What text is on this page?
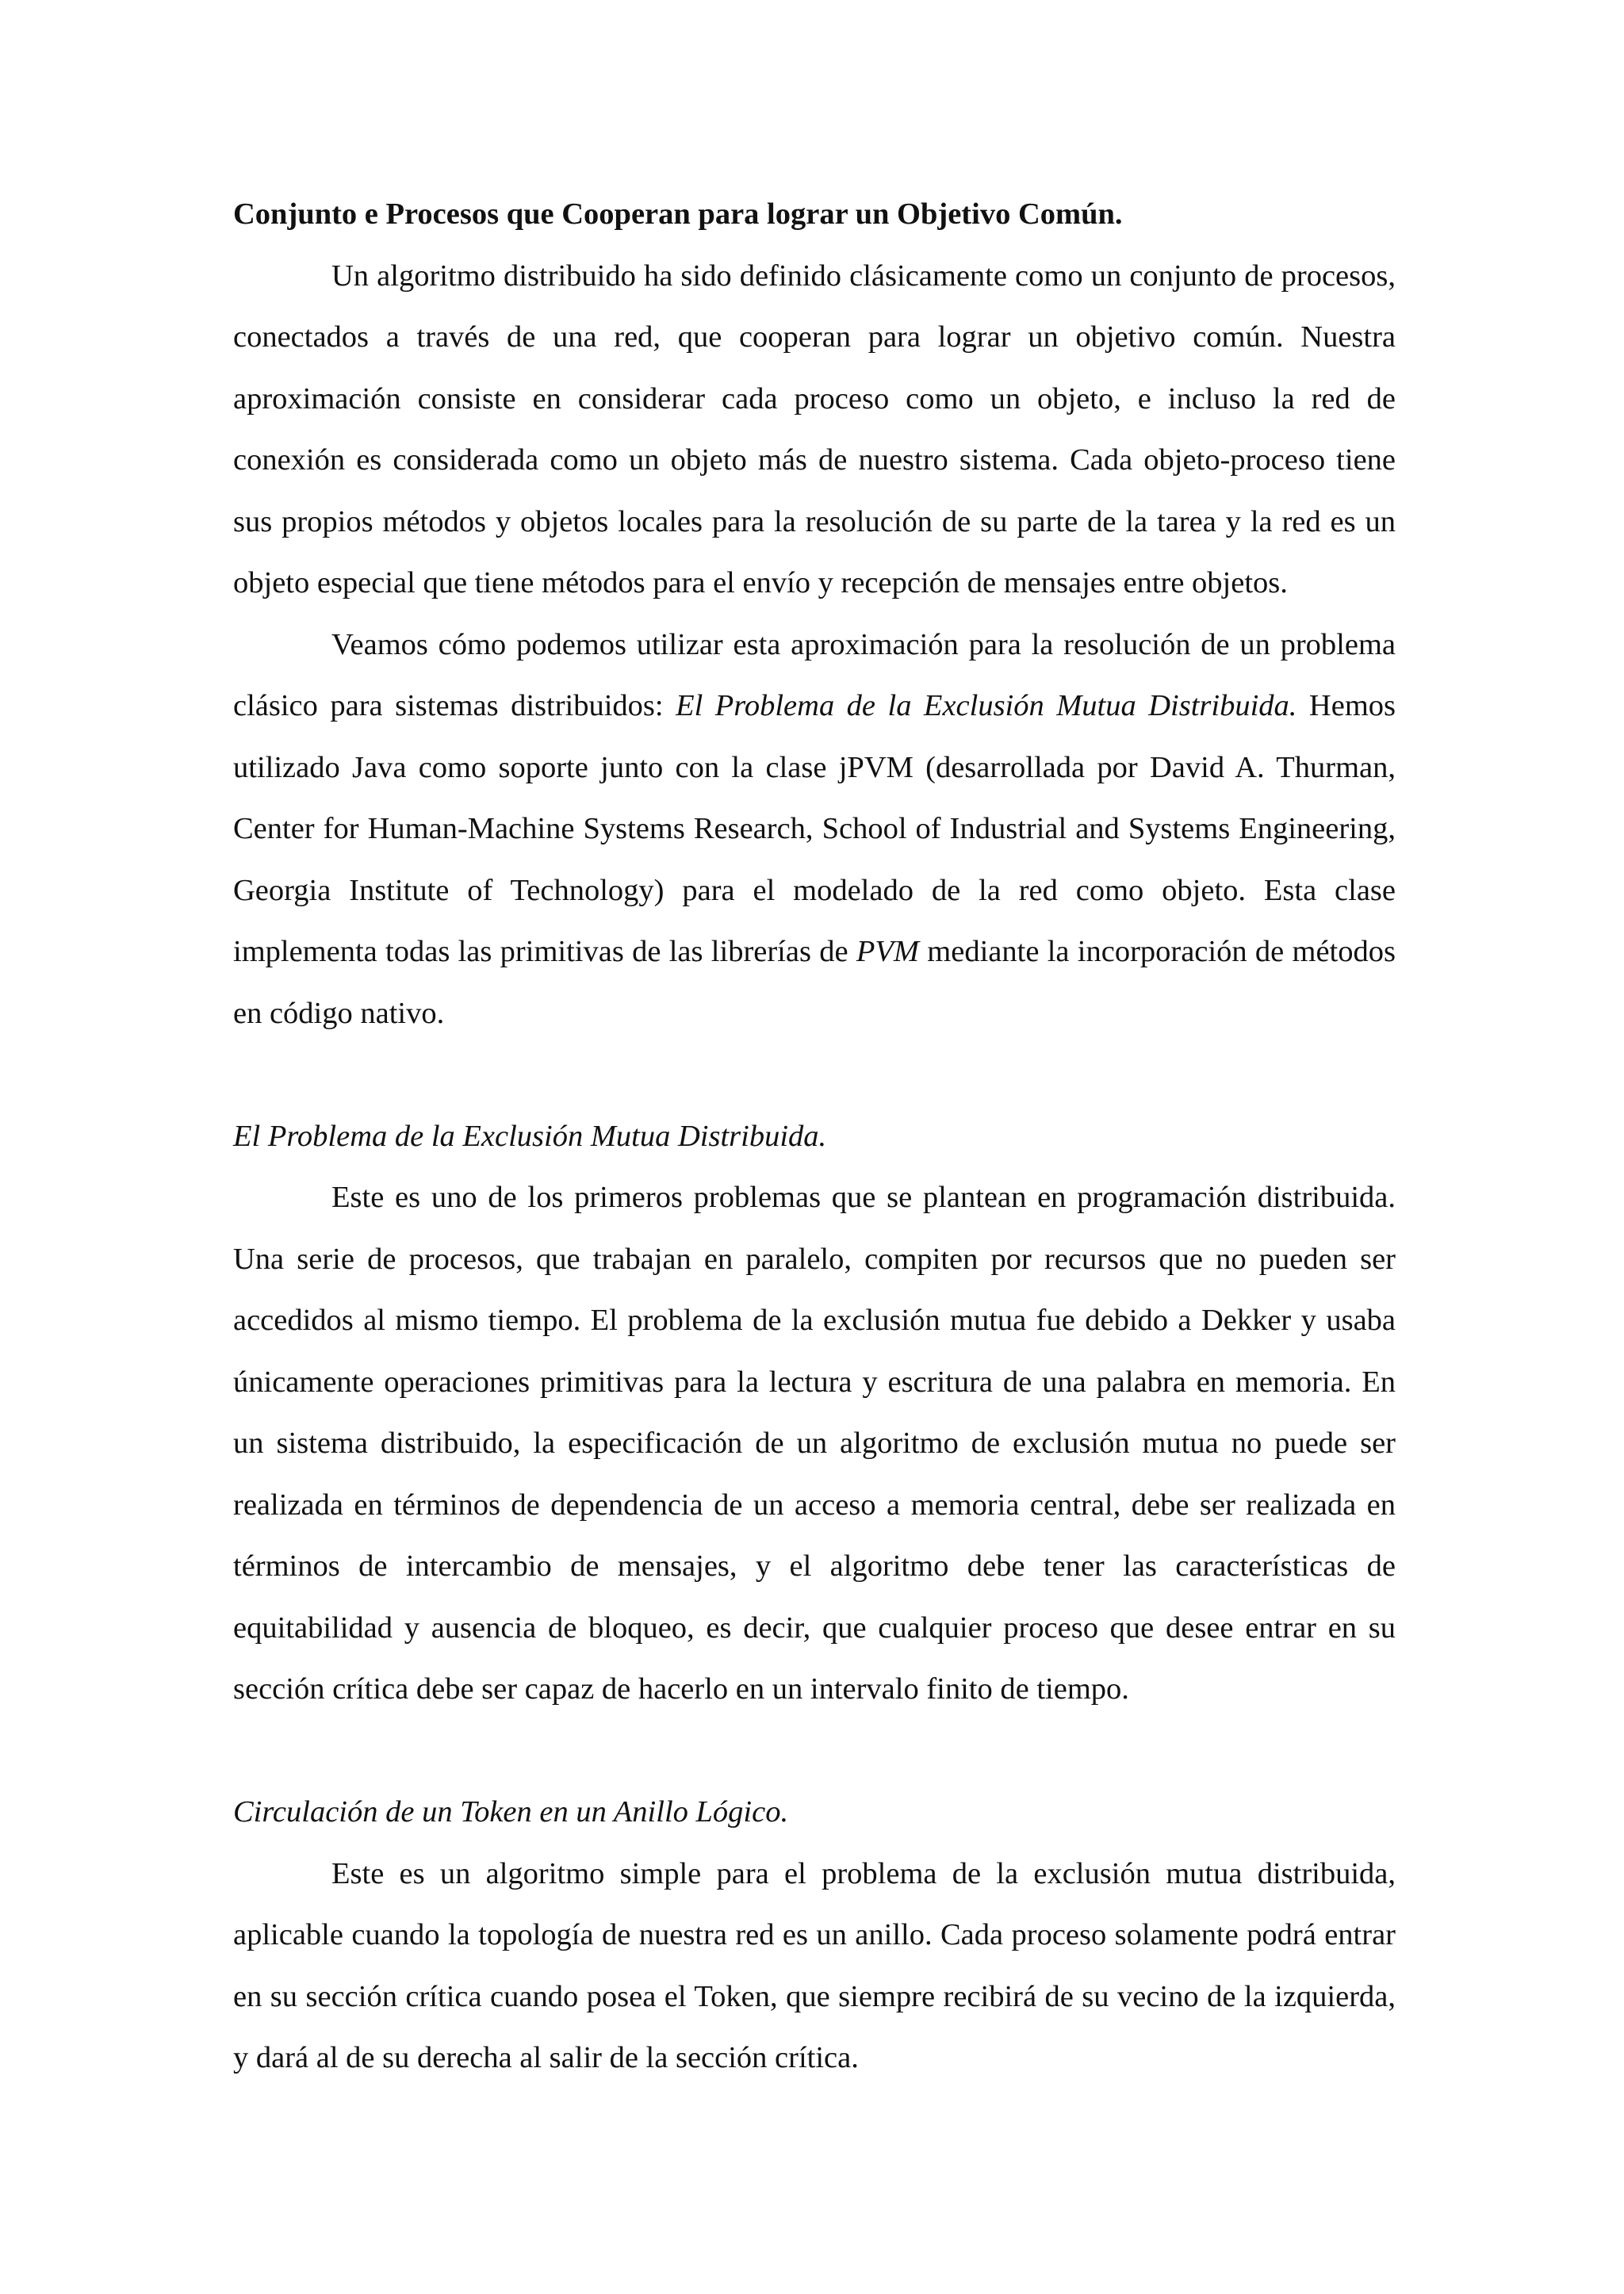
Conjunto e Procesos que Cooperan para lograr un Objetivo Común.

Un algoritmo distribuido ha sido definido clásicamente como un conjunto de procesos, conectados a través de una red, que cooperan para lograr un objetivo común. Nuestra aproximación consiste en considerar cada proceso como un objeto, e incluso la red de conexión es considerada como un objeto más de nuestro sistema. Cada objeto-proceso tiene sus propios métodos y objetos locales para la resolución de su parte de la tarea y la red es un objeto especial que tiene métodos para el envío y recepción de mensajes entre objetos.

Veamos cómo podemos utilizar esta aproximación para la resolución de un problema clásico para sistemas distribuidos: El Problema de la Exclusión Mutua Distribuida. Hemos utilizado Java como soporte junto con la clase jPVM (desarrollada por David A. Thurman, Center for Human-Machine Systems Research, School of Industrial and Systems Engineering, Georgia Institute of Technology) para el modelado de la red como objeto. Esta clase implementa todas las primitivas de las librerías de PVM mediante la incorporación de métodos en código nativo.

El Problema de la Exclusión Mutua Distribuida.

Este es uno de los primeros problemas que se plantean en programación distribuida. Una serie de procesos, que trabajan en paralelo, compiten por recursos que no pueden ser accedidos al mismo tiempo. El problema de la exclusión mutua fue debido a Dekker y usaba únicamente operaciones primitivas para la lectura y escritura de una palabra en memoria. En un sistema distribuido, la especificación de un algoritmo de exclusión mutua no puede ser realizada en términos de dependencia de un acceso a memoria central, debe ser realizada en términos de intercambio de mensajes, y el algoritmo debe tener las características de equitabilidad y ausencia de bloqueo, es decir, que cualquier proceso que desee entrar en su sección crítica debe ser capaz de hacerlo en un intervalo finito de tiempo.

Circulación de un Token en un Anillo Lógico.

Este es un algoritmo simple para el problema de la exclusión mutua distribuida, aplicable cuando la topología de nuestra red es un anillo. Cada proceso solamente podrá entrar en su sección crítica cuando posea el Token, que siempre recibirá de su vecino de la izquierda, y dará al de su derecha al salir de la sección crítica.
